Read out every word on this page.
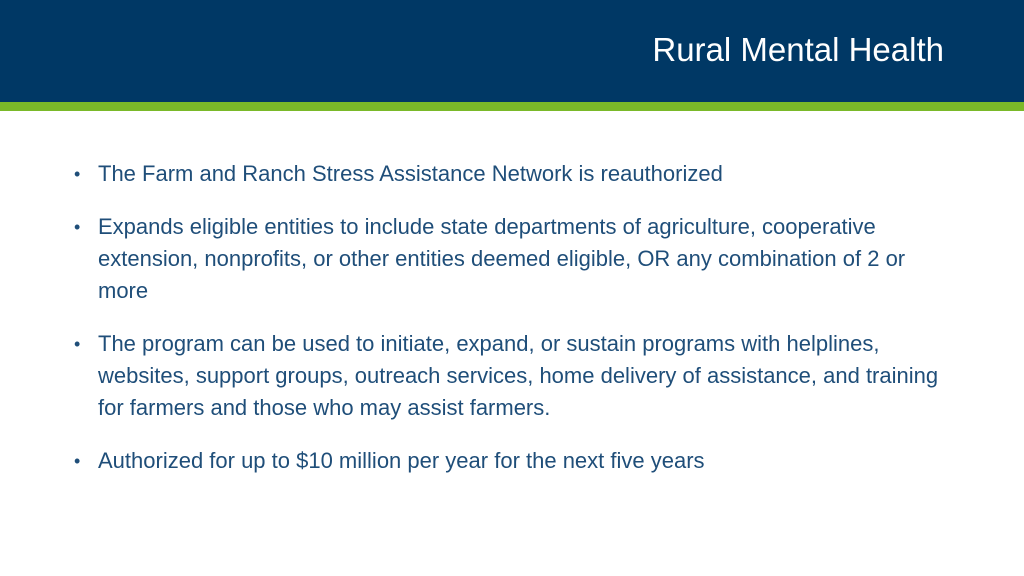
Rural Mental Health
• The Farm and Ranch Stress Assistance Network is reauthorized
• Expands eligible entities to include state departments of agriculture, cooperative extension, nonprofits, or other entities deemed eligible, OR any combination of 2 or more
• The program can be used to initiate, expand, or sustain programs with helplines, websites, support groups, outreach services, home delivery of assistance, and training for farmers and those who may assist farmers.
• Authorized for up to $10 million per year for the next five years
